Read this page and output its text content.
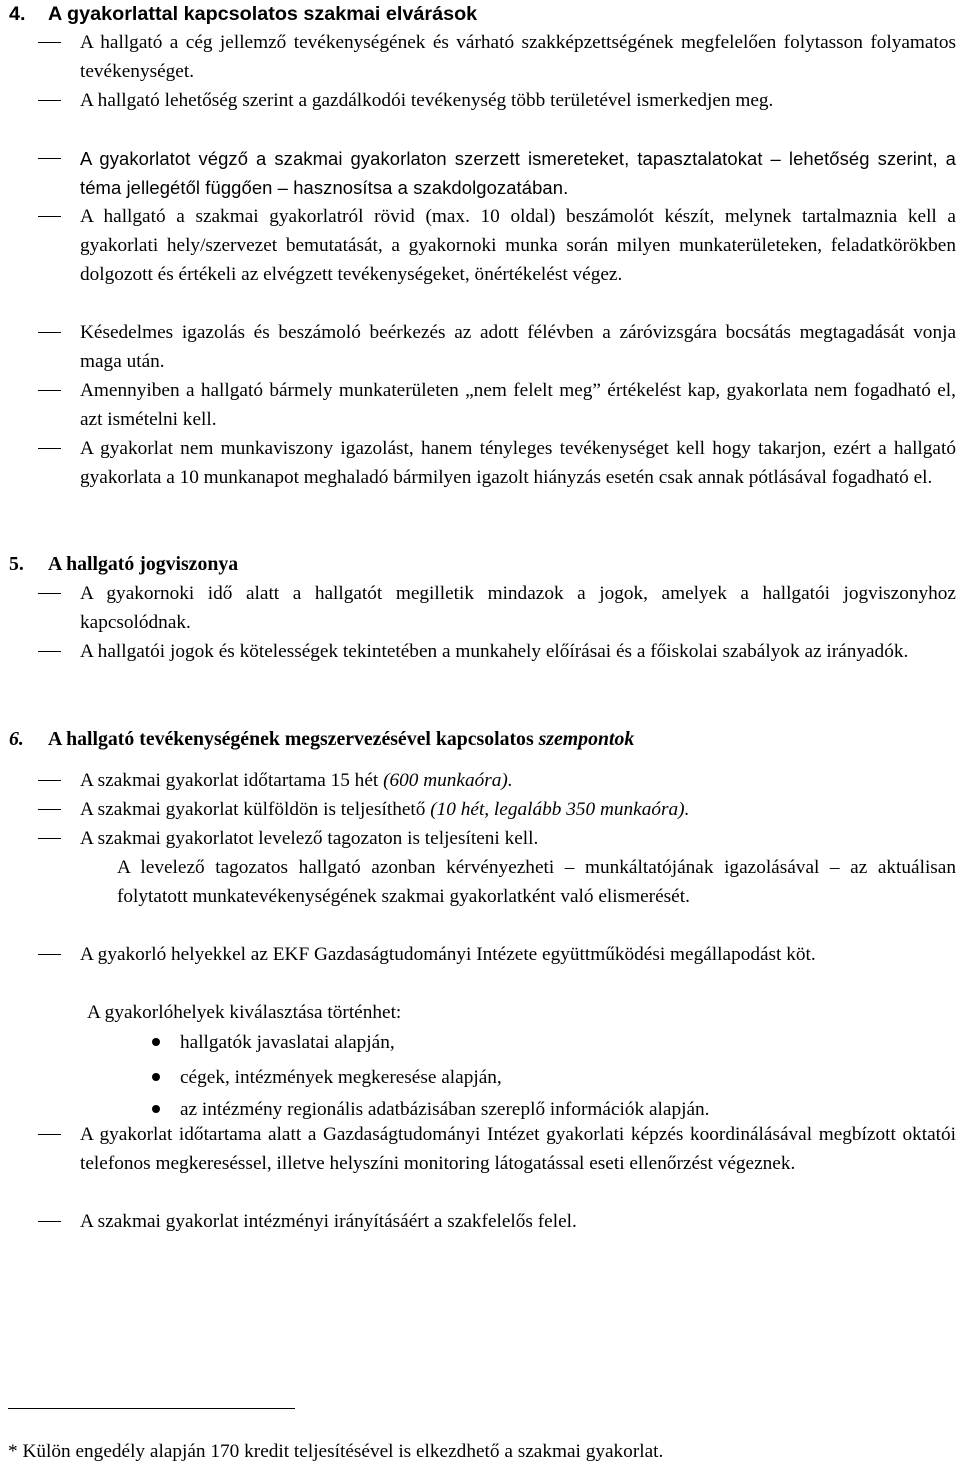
4. A gyakorlattal kapcsolatos szakmai elvárások

A hallgató a cég jellemző tevékenységének és várható szakképzettségének megfelelően folytasson folyamatos tevékenységet.

A hallgató lehetőség szerint a gazdálkodói tevékenység több területével ismerkedjen meg.

A gyakorlatot végző a szakmai gyakorlaton szerzett ismereteket, tapasztalatokat – lehetőség szerint, a téma jellegétől függően – hasznosítsa a szakdolgozatában.

A hallgató a szakmai gyakorlatról rövid (max. 10 oldal) beszámolót készít, melynek tartalmaznia kell a gyakorlati hely/szervezet bemutatását, a gyakornoki munka során milyen munkaterületeken, feladatkörökben dolgozott és értékeli az elvégzett tevékenységeket, önértékelést végez.

Késedelmes igazolás és beszámoló beérkezés az adott félévben a záróvizsgára bocsátás megtagadását vonja maga után.

Amennyiben a hallgató bármely munkaterületen „nem felelt meg” értékelést kap, gyakorlata nem fogadható el, azt ismételni kell.

A gyakorlat nem munkaviszony igazolást, hanem tényleges tevékenységet kell hogy takarjon, ezért a hallgató gyakorlata a 10 munkanapot meghaladó bármilyen igazolt hiányzás esetén csak annak pótlásával fogadható el.

5. A hallgató jogviszonya

A gyakornoki idő alatt a hallgatót megilletik mindazok a jogok, amelyek a hallgatói jogviszonyhoz kapcsolódnak.

A hallgatói jogok és kötelességek tekintetében a munkahely előírásai és a főiskolai szabályok az irányadók.

6. A hallgató tevékenységének megszervezésével kapcsolatos szempontok

A szakmai gyakorlat időtartama 15 hét (600 munkaóra).

A szakmai gyakorlat külföldön is teljesíthető (10 hét, legalább 350 munkaóra).

A szakmai gyakorlatot levelező tagozaton is teljesíteni kell.

A levelező tagozatos hallgató azonban kérvényezheti – munkáltatójának igazolásával – az aktuálisan folytatott munkatevékenységének szakmai gyakorlatként való elismerését.

A gyakorló helyekkel az EKF Gazdaságtudományi Intézete együttműködési megállapodást köt.

A gyakorlóhelyek kiválasztása történhet:

hallgatók javaslatai alapján,
cégek, intézmények megkeresése alapján,
az intézmény regionális adatbázisában szereplő információk alapján.

A gyakorlat időtartama alatt a Gazdaságtudományi Intézet gyakorlati képzés koordinálásával megbízott oktatói telefonos megkereséssel, illetve helyszíni monitoring látogatással eseti ellenőrzést végeznek.

A szakmai gyakorlat intézményi irányításáért a szakfelelős felel.

* Külön engedély alapján 170 kredit teljesítésével is elkezdhető a szakmai gyakorlat.
